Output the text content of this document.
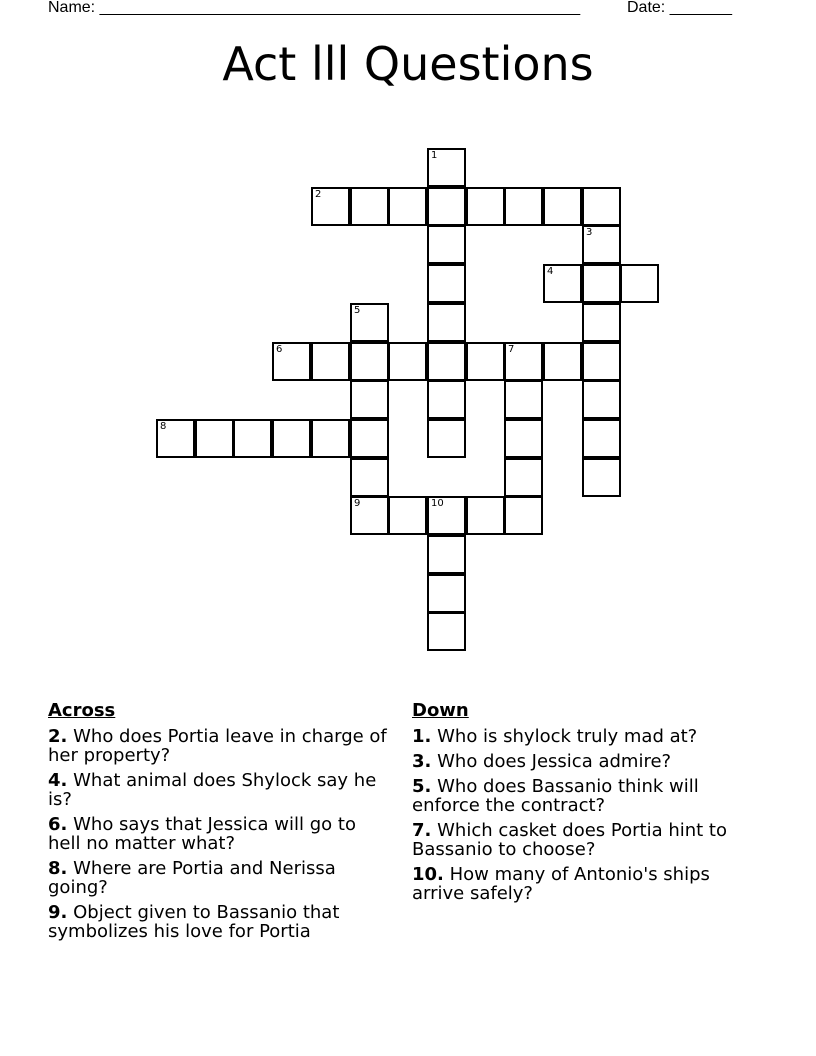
Name: ______________________________________________________	Date: _______
Act lll Questions
1
2
3
4
5
6	7
8
9	10
Across
2. Who does Portia leave in charge of her property?
4. What animal does Shylock say he is?
6. Who says that Jessica will go to hell no matter what?
8. Where are Portia and Nerissa going?
9. Object given to Bassanio that symbolizes his love for Portia
Down
1. Who is shylock truly mad at?
3. Who does Jessica admire?
5. Who does Bassanio think will enforce the contract?
7. Which casket does Portia hint to Bassanio to choose?
10. How many of Antonio's ships arrive safely?
